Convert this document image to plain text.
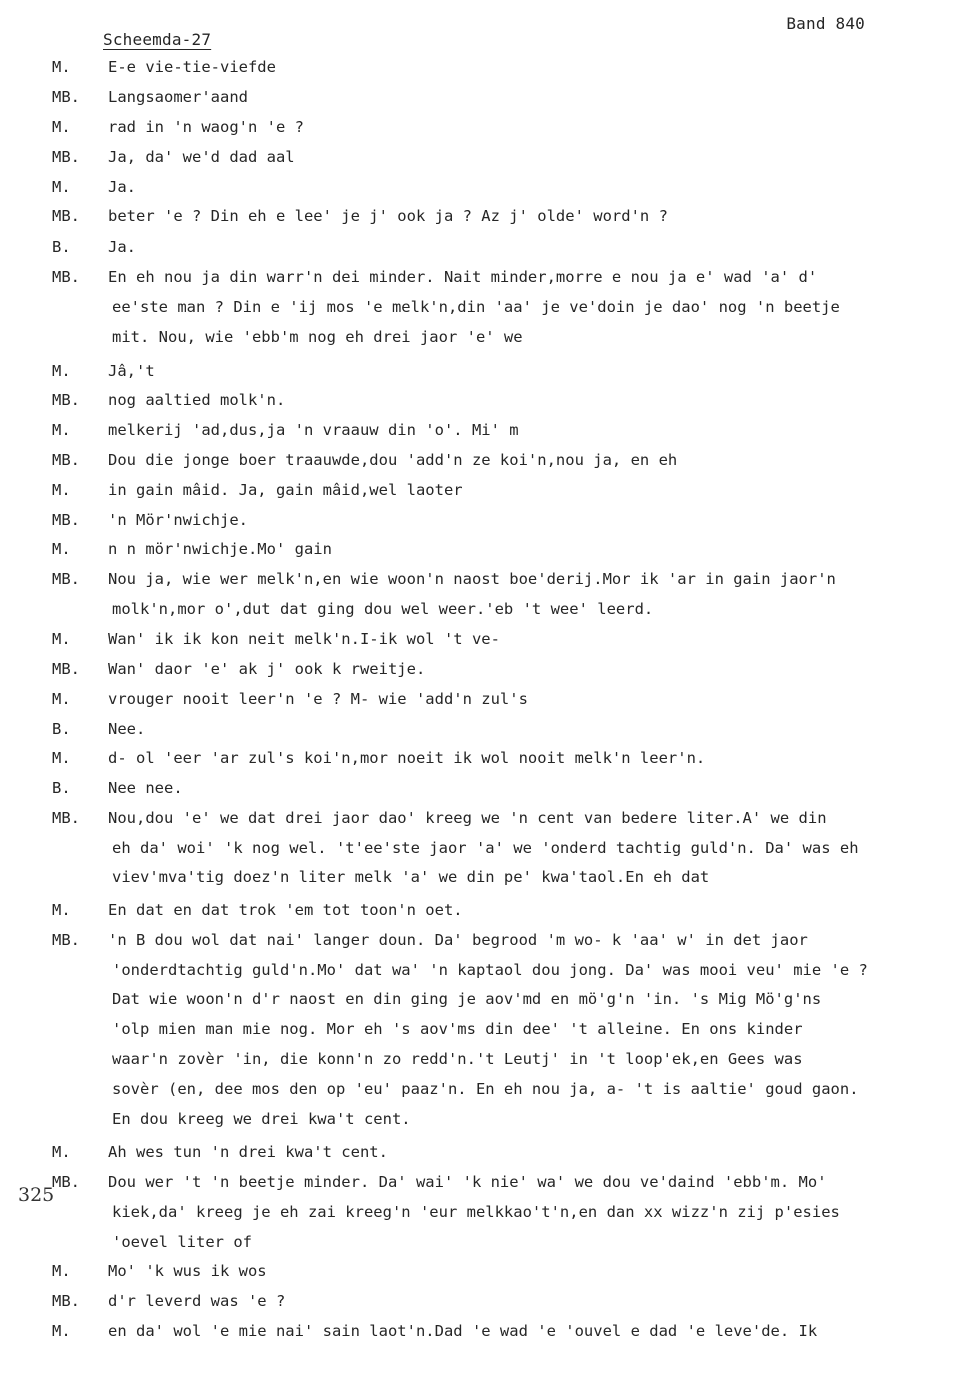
Scheemda-27
Band 840
325
M. E-e vie-tie-viefde
MB. Langsaomer'aand
M. rad in 'n waog'n 'e ?
MB. Ja, da' we'd dad aal
M. Ja.
MB. beter 'e ? Din eh e lee' je j' ook ja ? Az j' olde' word'n ?
B. Ja.
MB. En eh nou ja din warr'n dei minder. Nait minder,morre e nou ja e' wad 'a' d'
ee'ste man ? Din e 'ij mos 'e melk'n,din 'aa' je ve'doin je dao' nog 'n beetje
mit. Nou, wie 'ebb'm nog eh drei jaor 'e' we
M. Jâ,'t
MB. nog aaltied molk'n.
M. melkerij 'ad,dus,ja 'n vraauw din 'o'. Mi' m
MB. Dou die jonge boer traauwde,dou 'add'n ze koi'n,nou ja, en eh
M. in gain mâid. Ja, gain mâid,wel laoter
MB. 'n Mör'nwichje.
M. n n mör'nwichje.Mo' gain
MB. Nou ja, wie wer melk'n,en wie woon'n naost boe'derij.Mor ik 'ar in gain jaor'n
molk'n,mor o',dut dat ging dou wel weer.'eb 't wee' leerd.
M. Wan' ik ik kon neit melk'n.I-ik wol 't ve-
MB. Wan' daor 'e' ak j' ook k rweitje.
M. vrouger nooit leer'n 'e ? M- wie 'add'n zul's
B. Nee.
M. d- ol 'eer 'ar zul's koi'n,mor noeit ik wol nooit melk'n leer'n.
B. Nee nee.
MB. Nou,dou 'e' we dat drei jaor dao' kreeg we 'n cent van bedere liter.A' we din
eh da' woi' 'k nog wel. 't'ee'ste jaor 'a' we 'onderd tachtig guld'n. Da' was eh
viev'mva'tig doez'n liter melk 'a' we din pe' kwa'taol.En eh dat
M. En dat en dat trok 'em tot toon'n oet.
MB. 'n B dou wol dat nai' langer doun. Da' begrood 'm wo- k 'aa' w' in det jaor
'onderdtachtig guld'n.Mo' dat wa' 'n kaptaol dou jong. Da' was mooi veu' mie 'e ?
Dat wie woon'n d'r naost en din ging je aov'md en mö'g'n 'in. 's Mig Mö'g'ns
'olp mien man mie nog. Mor eh 's aov'ms din dee' 't alleine. En ons kinder
waar'n zovèr 'in, die konn'n zo redd'n.'t Leutj' in 't loop'ek,en Gees was
sovèr (en, dee mos den op 'eu' paaz'n. En eh nou ja, a- 't is aaltie' goud gaon.
En dou kreeg we drei kwa't cent.
M. Ah wes tun 'n drei kwa't cent.
MB. Dou wer 't 'n beetje minder. Da' wai' 'k nie' wa' we dou ve'daind 'ebb'm. Mo'
kiek,da' kreeg je eh zai kreeg'n 'eur melkkao't'n,en dan xx wizz'n zij p'esies
'oevel liter of
M. Mo' 'k wus ik wos
MB. d'r leverd was 'e ?
M. en da' wol 'e mie nai' sain laot'n.Dad 'e wad 'e 'ouvel e dad 'e leve'de. Ik
